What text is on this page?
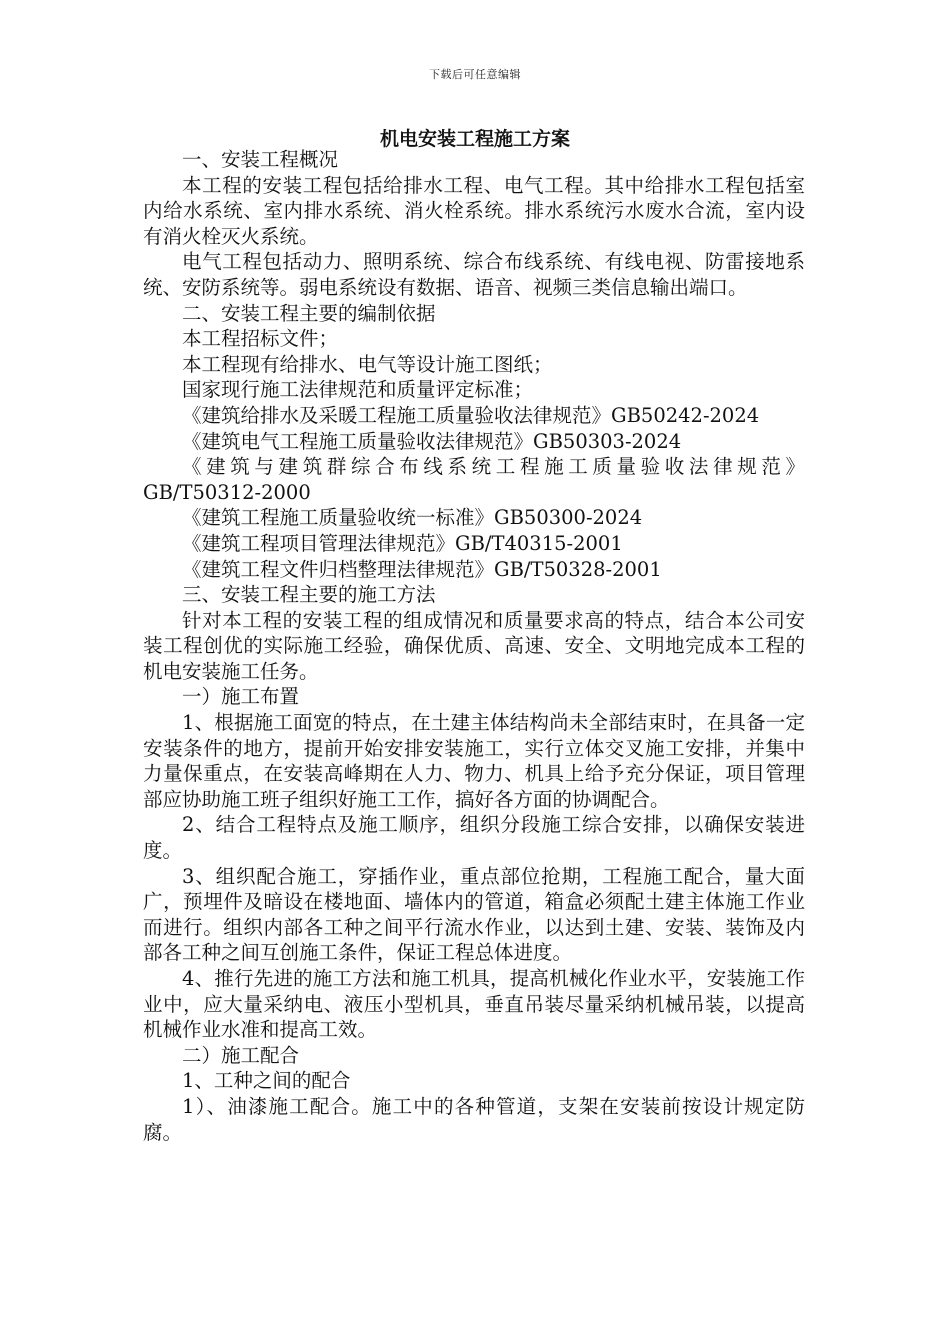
下载后可任意编辑
机电安装工程施工方案

一、安装工程概况

本工程的安装工程包括给排水工程、电气工程。其中给排水工程包括室内给水系统、室内排水系统、消火栓系统。排水系统污水废水合流，室内设有消火栓灭火系统。

电气工程包括动力、照明系统、综合布线系统、有线电视、防雷接地系统、安防系统等。弱电系统设有数据、语音、视频三类信息输出端口。

二、安装工程主要的编制依据

本工程招标文件；

本工程现有给排水、电气等设计施工图纸；

国家现行施工法律规范和质量评定标准；

《建筑给排水及采暖工程施工质量验收法律规范》GB50242-2024

《建筑电气工程施工质量验收法律规范》GB50303-2024

《建筑与建筑群综合布线系统工程施工质量验收法律规范》GB/T50312-2000

《建筑工程施工质量验收统一标准》GB50300-2024

《建筑工程项目管理法律规范》GB/T40315-2001

《建筑工程文件归档整理法律规范》GB/T50328-2001

三、安装工程主要的施工方法

针对本工程的安装工程的组成情况和质量要求高的特点，结合本公司安装工程创优的实际施工经验，确保优质、高速、安全、文明地完成本工程的机电安装施工任务。

一）施工布置

1、根据施工面宽的特点，在土建主体结构尚未全部结束时，在具备一定安装条件的地方，提前开始安排安装施工，实行立体交叉施工安排，并集中力量保重点，在安装高峰期在人力、物力、机具上给予充分保证，项目管理部应协助施工班子组织好施工工作，搞好各方面的协调配合。

2、结合工程特点及施工顺序，组织分段施工综合安排，以确保安装进度。

3、组织配合施工，穿插作业，重点部位抢期，工程施工配合，量大面广，预埋件及暗设在楼地面、墙体内的管道，箱盒必须配土建主体施工作业而进行。组织内部各工种之间平行流水作业，以达到土建、安装、装饰及内部各工种之间互创施工条件，保证工程总体进度。

4、推行先进的施工方法和施工机具，提高机械化作业水平，安装施工作业中，应大量采纳电、液压小型机具，垂直吊装尽量采纳机械吊装，以提高机械作业水准和提高工效。

二）施工配合

1、工种之间的配合

1）、油漆施工配合。施工中的各种管道，支架在安装前按设计规定防腐。
